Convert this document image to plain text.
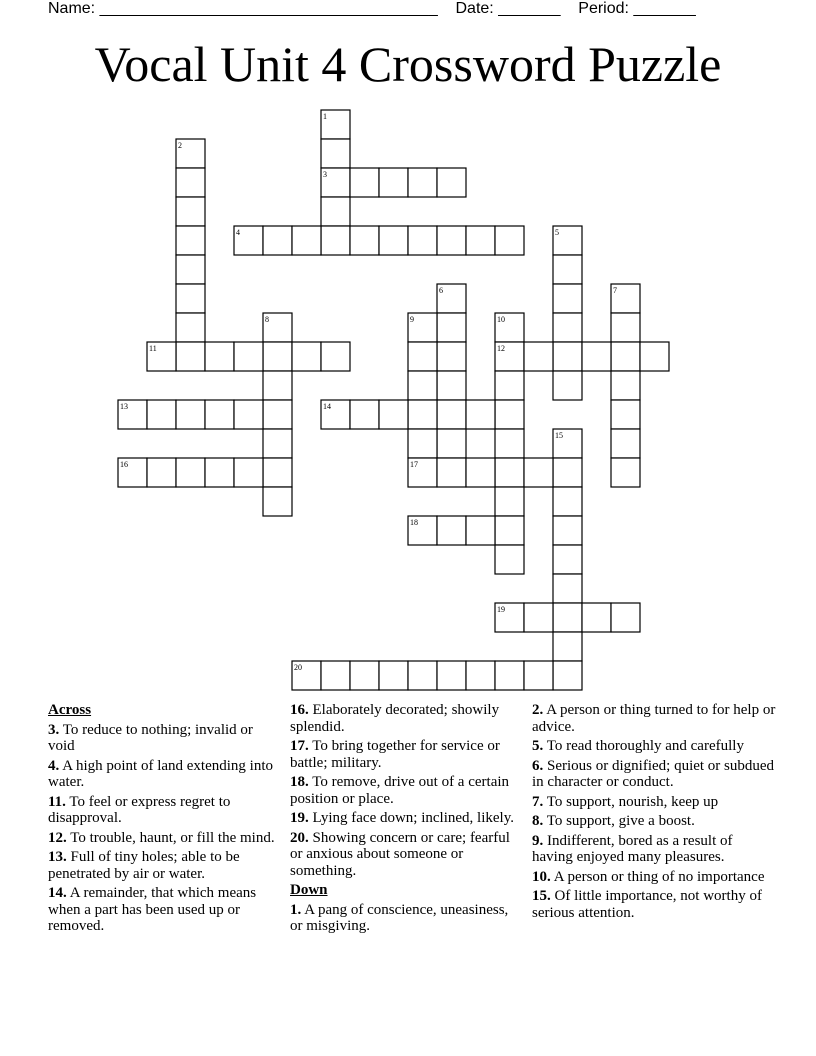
Name: ______________________________________ Date: _______ Period: _______
Vocal Unit 4 Crossword Puzzle
1
2
3
4	5
6	7
8	9	10
11	12
13	14
15
16	17
18
19
20
Across
3. To reduce to nothing; invalid or void
4. A high point of land extending into water.
11. To feel or express regret to disapproval.
12. To trouble, haunt, or fill the mind.
13. Full of tiny holes; able to be penetrated by air or water.
14. A remainder, that which means when a part has been used up or removed.
16. Elaborately decorated; showily splendid.
17. To bring together for service or battle; military.
18. To remove, drive out of a certain position or place.
19. Lying face down; inclined, likely.
20. Showing concern or care; fearful or anxious about someone or something.
Down
1. A pang of conscience, uneasiness, or misgiving.
2. A person or thing turned to for help or advice.
5. To read thoroughly and carefully
6. Serious or dignified; quiet or subdued in character or conduct.
7. To support, nourish, keep up
8. To support, give a boost.
9. Indifferent, bored as a result of having enjoyed many pleasures.
10. A person or thing of no importance
15. Of little importance, not worthy of serious attention.
